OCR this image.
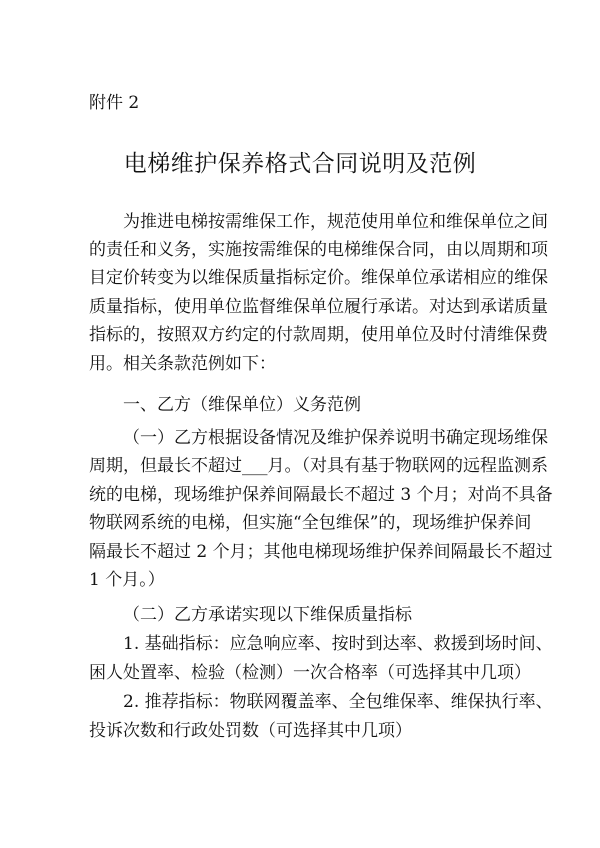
附件 2
电梯维护保养格式合同说明及范例
为推进电梯按需维保工作，规范使用单位和维保单位之间
的责任和义务，实施按需维保的电梯维保合同，由以周期和项
目定价转变为以维保质量指标定价。维保单位承诺相应的维保
质量指标，使用单位监督维保单位履行承诺。对达到承诺质量
指标的，按照双方约定的付款周期，使用单位及时付清维保费
用。相关条款范例如下：
一、乙方（维保单位）义务范例
（一）乙方根据设备情况及维护保养说明书确定现场维保
周期，但最长不超过___月。（对具有基于物联网的远程监测系
统的电梯，现场维护保养间隔最长不超过 3 个月；对尚不具备
物联网系统的电梯，但实施“全包维保”的，现场维护保养间
隔最长不超过 2 个月；其他电梯现场维护保养间隔最长不超过
1 个月。）
（二）乙方承诺实现以下维保质量指标
1. 基础指标：应急响应率、按时到达率、救援到场时间、
困人处置率、检验（检测）一次合格率（可选择其中几项）
2. 推荐指标：物联网覆盖率、全包维保率、维保执行率、
投诉次数和行政处罚数（可选择其中几项）
